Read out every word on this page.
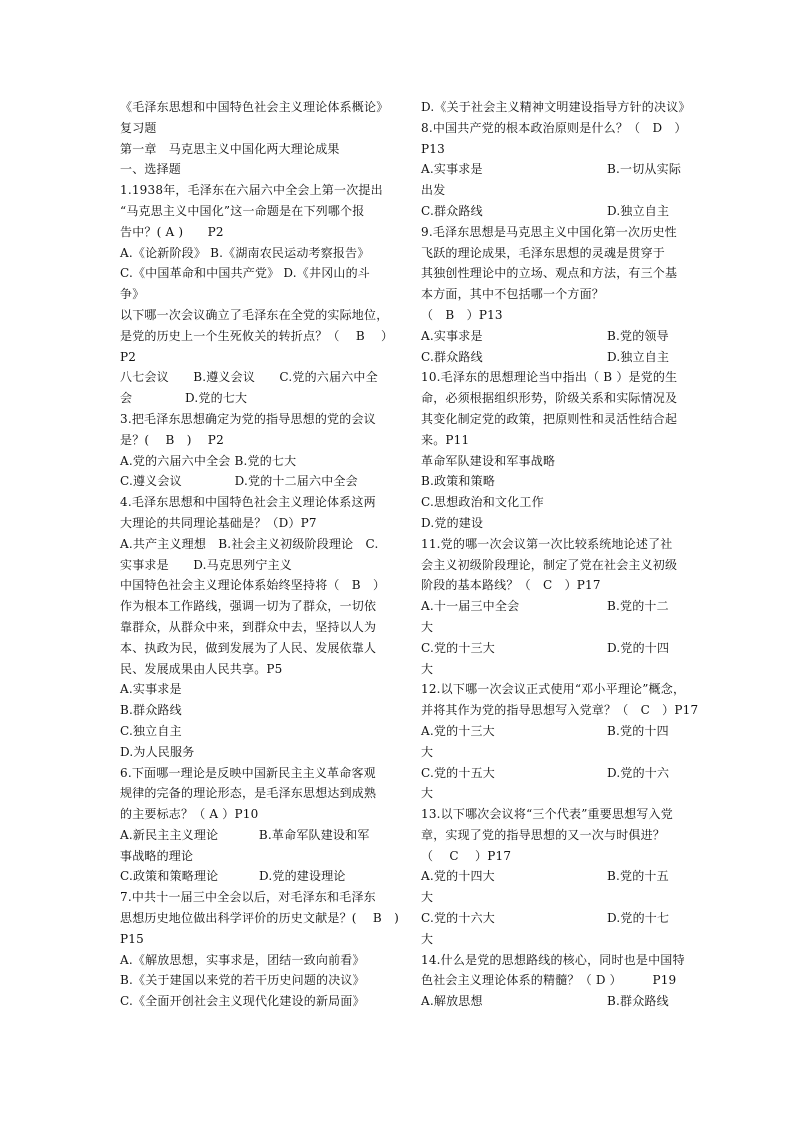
《毛泽东思想和中国特色社会主义理论体系概论》
复习题
第一章　马克思主义中国化两大理论成果
一、选择题
1.1938年，毛泽东在六届六中全会上第一次提出
“马克思主义中国化”这一命题是在下列哪个报
告中？( A )　　P2
A.《论新阶段》 B.《湖南农民运动考察报告》
C.《中国革命和中国共产党》 D.《井冈山的斗
争》
以下哪一次会议确立了毛泽东在全党的实际地位，
是党的历史上一个生死攸关的转折点？（　 B　 ）
P2
八七会议　　B.遵义会议　　C.党的六届六中全
会　　　　 D.党的七大
3.把毛泽东思想确定为党的指导思想的党的会议
是？( 　B　)　 P2
A.党的六届六中全会 B.党的七大
C.遵义会议　　　　 D.党的十二届六中全会
4.毛泽东思想和中国特色社会主义理论体系这两
大理论的共同理论基础是？（D）P7
A.共产主义理想　B.社会主义初级阶段理论　C.
实事求是　　D.马克思列宁主义
中国特色社会主义理论体系始终坚持将（　B　）
作为根本工作路线，强调一切为了群众，一切依
靠群众，从群众中来，到群众中去，坚持以人为
本、执政为民，做到发展为了人民、发展依靠人
民、发展成果由人民共享。P5
A.实事求是
B.群众路线
C.独立自主
D.为人民服务
6.下面哪一理论是反映中国新民主主义革命客观
规律的完备的理论形态，是毛泽东思想达到成熟
的主要标志？（ A ）P10
A.新民主主义理论　　　 B.革命军队建设和军
事战略的理论
C.政策和策略理论　　　 D.党的建设理论
7.中共十一届三中全会以后，对毛泽东和毛泽东
思想历史地位做出科学评价的历史文献是？( 　B　)
P15
A.《解放思想，实事求是，团结一致向前看》
B.《关于建国以来党的若干历史问题的决议》
C.《全面开创社会主义现代化建设的新局面》
D.《关于社会主义精神文明建设指导方针的决议》
8.中国共产党的根本政治原则是什么？（　D　）
P13
A.实事求是	B.一切从实际
出发
C.群众路线	D.独立自主
9.毛泽东思想是马克思主义中国化第一次历史性
飞跃的理论成果，毛泽东思想的灵魂是贯穿于
其独创性理论中的立场、观点和方法，有三个基
本方面，其中不包括哪一个方面？
（　B　）P13
A.实事求是	B.党的领导
C.群众路线	D.独立自主
10.毛泽东的思想理论当中指出（ B ）是党的生
命，必须根据组织形势，阶级关系和实际情况及
其变化制定党的政策，把原则性和灵活性结合起
来。P11
革命军队建设和军事战略
B.政策和策略
C.思想政治和文化工作
D.党的建设
11.党的哪一次会议第一次比较系统地论述了社
会主义初级阶段理论，制定了党在社会主义初级
阶段的基本路线？（　C　）P17
A.十一届三中全会	B.党的十二
大
C.党的十三大	D.党的十四
大
12.以下哪一次会议正式使用“邓小平理论”概念，
并将其作为党的指导思想写入党章？（　C　）P17
A.党的十三大	B.党的十四
大
C.党的十五大	D.党的十六
大
13.以下哪次会议将“三个代表”重要思想写入党
章，实现了党的指导思想的又一次与时俱进？
（　 C　 ）P17
A.党的十四大	B.党的十五
大
C.党的十六大	D.党的十七
大
14.什么是党的思想路线的核心，同时也是中国特
色社会主义理论体系的精髓？（ D ）　　　P19
A.解放思想	B.群众路线
